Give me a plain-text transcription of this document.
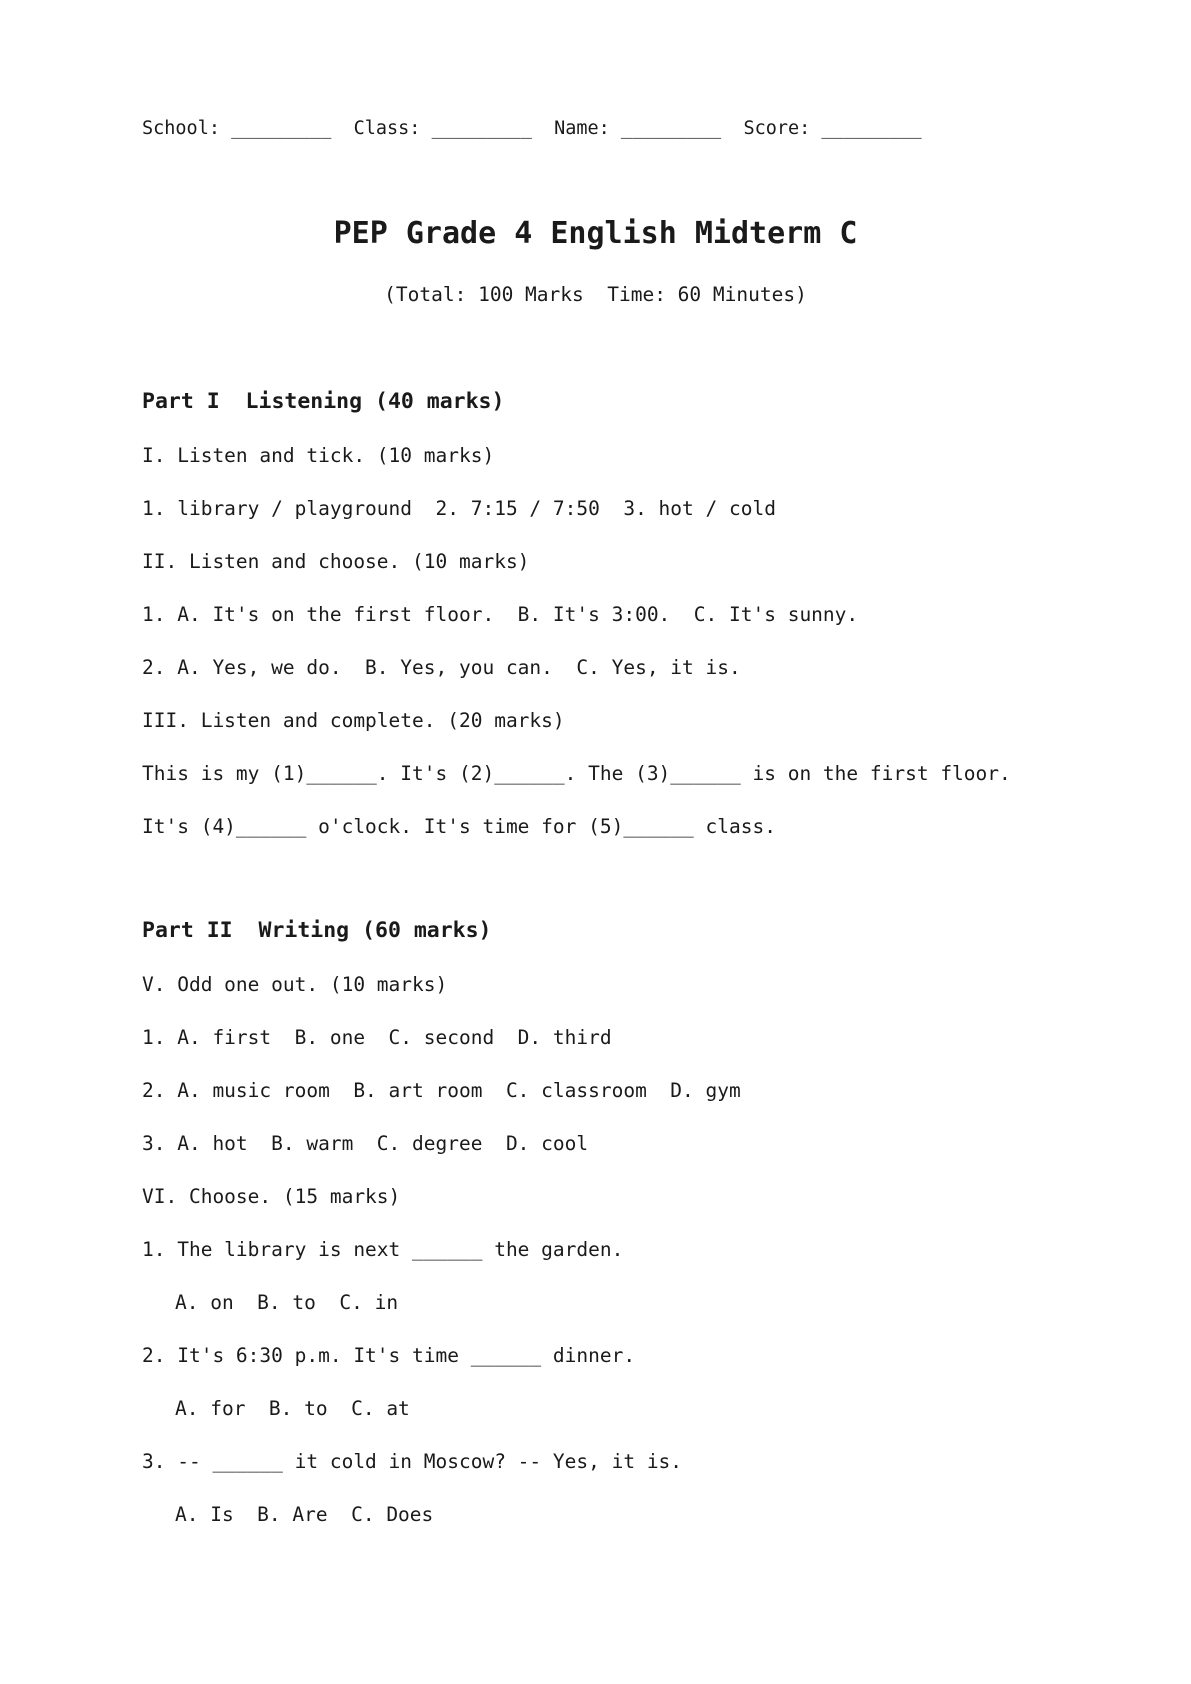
School: _________  Class: _________  Name: _________  Score: _________
PEP Grade 4 English Midterm C
(Total: 100 Marks  Time: 60 Minutes)
Part I  Listening (40 marks)
I. Listen and tick. (10 marks)
1. library / playground  2. 7:15 / 7:50  3. hot / cold
II. Listen and choose. (10 marks)
1. A. It's on the first floor.  B. It's 3:00.  C. It's sunny.
2. A. Yes, we do.  B. Yes, you can.  C. Yes, it is.
III. Listen and complete. (20 marks)
This is my (1)______. It's (2)______. The (3)______ is on the first floor.
It's (4)______ o'clock. It's time for (5)______ class.
Part II  Writing (60 marks)
V. Odd one out. (10 marks)
1. A. first  B. one  C. second  D. third
2. A. music room  B. art room  C. classroom  D. gym
3. A. hot  B. warm  C. degree  D. cool
VI. Choose. (15 marks)
1. The library is next ______ the garden.
A. on  B. to  C. in
2. It's 6:30 p.m. It's time ______ dinner.
A. for  B. to  C. at
3. -- ______ it cold in Moscow? -- Yes, it is.
A. Is  B. Are  C. Does
